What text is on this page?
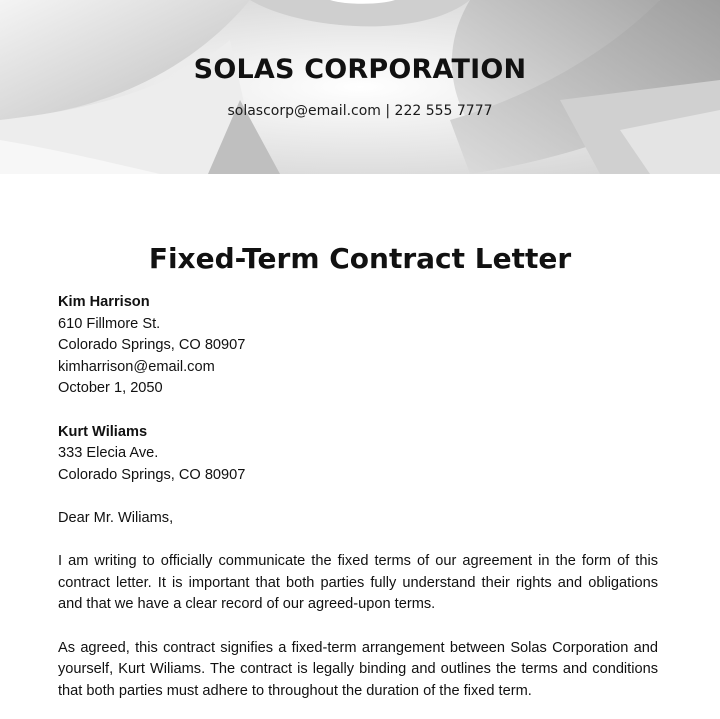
SOLAS CORPORATION
solascorp@email.com | 222 555 7777
Fixed-Term Contract Letter
Kim Harrison
610 Fillmore St.
Colorado Springs, CO 80907
kimharrison@email.com
October 1, 2050
Kurt Wiliams
333 Elecia Ave.
Colorado Springs, CO 80907
Dear Mr. Wiliams,
I am writing to officially communicate the fixed terms of our agreement in the form of this contract letter. It is important that both parties fully understand their rights and obligations and that we have a clear record of our agreed-upon terms.
As agreed, this contract signifies a fixed-term arrangement between Solas Corporation and yourself, Kurt Wiliams. The contract is legally binding and outlines the terms and conditions that both parties must adhere to throughout the duration of the fixed term.
